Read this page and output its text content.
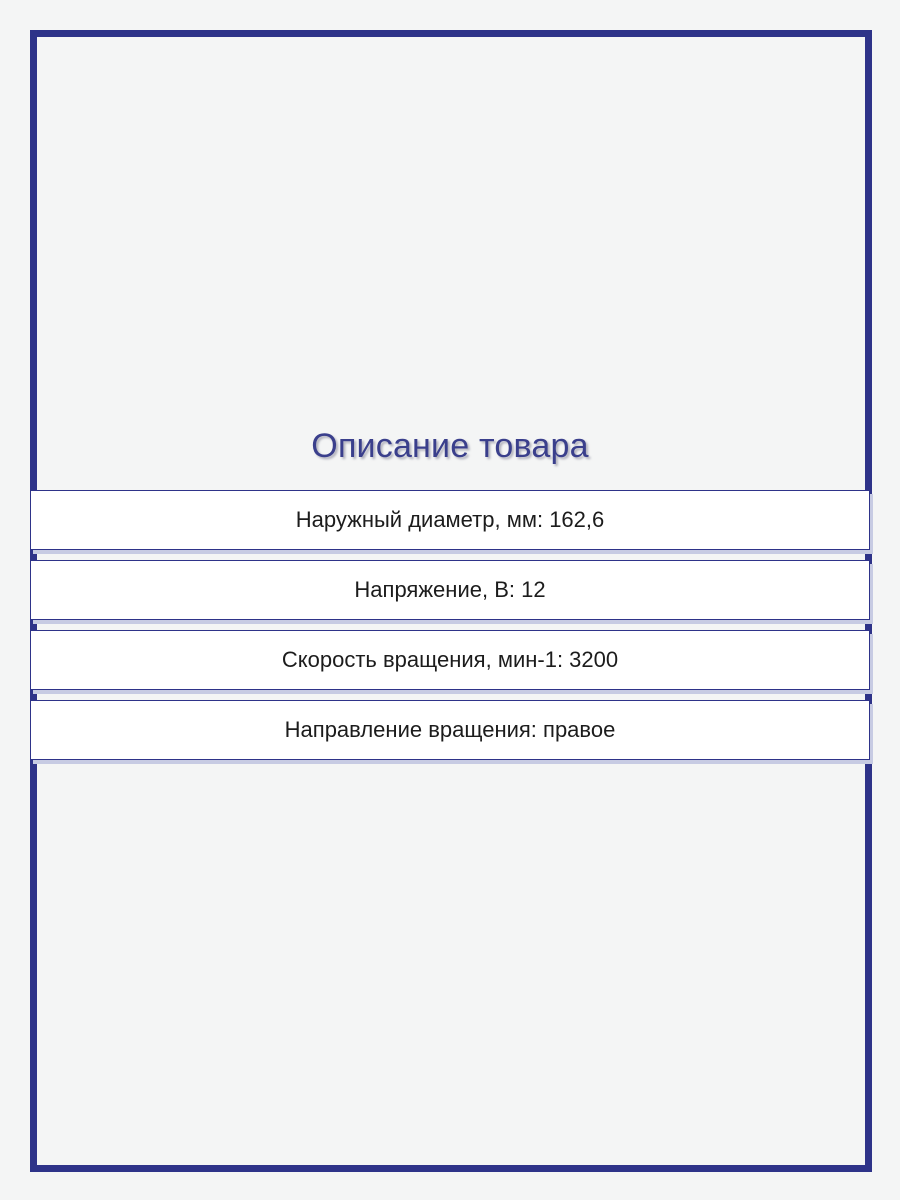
Описание товара
Наружный диаметр, мм: 162,6
Напряжение, В: 12
Скорость вращения, мин-1: 3200
Направление вращения: правое
